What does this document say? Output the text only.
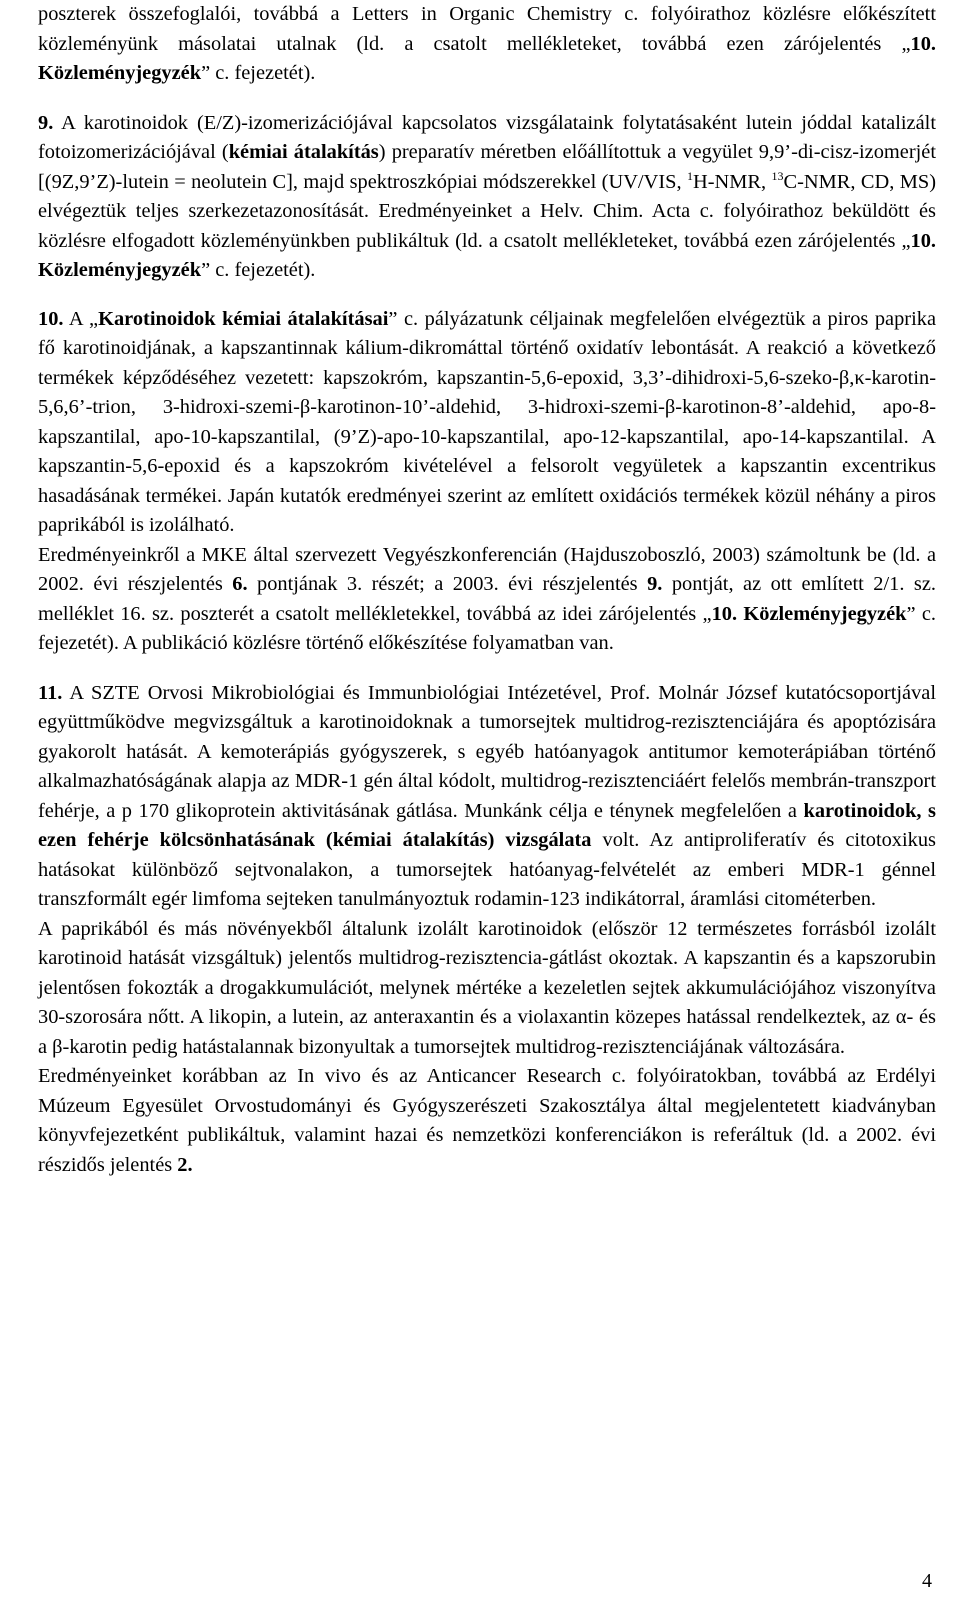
poszterek összefoglalói, továbbá a Letters in Organic Chemistry c. folyóirathoz közlésre előkészített közleményünk másolatai utalnak (ld. a csatolt mellékleteket, továbbá ezen zárójelentés „10. Közleményjegyzék” c. fejezetét).

9. A karotinoidok (E/Z)-izomerizációjával kapcsolatos vizsgálataink folytatásaként lutein jóddal katalizált fotoizomerizációjával (kémiai átalakítás) preparatív méretben előállítottuk a vegyület 9,9’-di-cisz-izomerjét [(9Z,9’Z)-lutein = neolutein C], majd spektroszkópiai módszerekkel (UV/VIS, $^1$H-NMR, $^{13}$C-NMR, CD, MS) elvégeztük teljes szerkezetazonosítását. Eredményeinket a Helv. Chim. Acta c. folyóirathoz beküldött és közlésre elfogadott közleményünkben publikáltuk (ld. a csatolt mellékleteket, továbbá ezen zárójelentés „10. Közleményjegyzék” c. fejezetét).

10. A „Karotinoidok kémiai átalakításai” c. pályázatunk céljainak megfelelően elvégeztük a piros paprika fő karotinoidjának, a kapszantinnak kálium-dikromáttal történő oxidatív lebontását. A reakció a következő termékek képződéséhez vezetett: kapszokróm, kapszantin-5,6-epoxid, 3,3’-dihidroxi-5,6-szeko-β,κ-karotin-5,6,6’-trion, 3-hidroxi-szemi-β-karotinon-10’-aldehid, 3-hidroxi-szemi-β-karotinon-8’-aldehid, apo-8-kapszantilal, apo-10-kapszantilal, (9’Z)-apo-10-kapszantilal, apo-12-kapszantilal, apo-14-kapszantilal. A kapszantin-5,6-epoxid és a kapszokróm kivételével a felsorolt vegyületek a kapszantin excentrikus hasadásának termékei. Japán kutatók eredményei szerint az említett oxidációs termékek közül néhány a piros paprikából is izolálható.

Eredményeinkről a MKE által szervezett Vegyészkonferencián (Hajduszoboszló, 2003) számoltunk be (ld. a 2002. évi részjelentés 6. pontjának 3. részét; a 2003. évi részjelentés 9. pontját, az ott említett 2/1. sz. melléklet 16. sz. poszterét a csatolt mellékletekkel, továbbá az idei zárójelentés „10. Közleményjegyzék” c. fejezetét). A publikáció közlésre történő előkészítése folyamatban van.

11. A SZTE Orvosi Mikrobiológiai és Immunbiológiai Intézetével, Prof. Molnár József kutatócsoportjával együttműködve megvizsgáltuk a karotinoidoknak a tumorsejtek multidrog-rezisztenciájára és apoptózisára gyakorolt hatását. A kemoterápiás gyógyszerek, s egyéb hatóanyagok antitumor kemoterápiában történő alkalmazhatóságának alapja az MDR-1 gén által kódolt, multidrog-rezisztenciáért felelős membrán-transzport fehérje, a p 170 glikoprotein aktivitásának gátlása. Munkánk célja e ténynek megfelelően a karotinoidok, s ezen fehérje kölcsönhatásának (kémiai átalakítás) vizsgálata volt. Az antiproliferatív és citotoxikus hatásokat különböző sejtvonalakon, a tumorsejtek hatóanyag-felvételét az emberi MDR-1 génnel transzformált egér limfoma sejteken tanulmányoztuk rodamin-123 indikátorral, áramlási citométerben.

A paprikából és más növényekből általunk izolált karotinoidok (először 12 természetes forrásból izolált karotinoid hatását vizsgáltuk) jelentős multidrog-rezisztencia-gátlást okoztak. A kapszantin és a kapszorubin jelentősen fokozták a drogakkumulációt, melynek mértéke a kezeletlen sejtek akkumulációjához viszonyítva 30-szorosára nőtt. A likopin, a lutein, az anteraxantin és a violaxantin közepes hatással rendelkeztek, az α- és a β-karotin pedig hatástalannak bizonyultak a tumorsejtek multidrog-rezisztenciájának változására.

Eredményeinket korábban az In vivo és az Anticancer Research c. folyóiratokban, továbbá az Erdélyi Múzeum Egyesület Orvostudományi és Gyógyszerészeti Szakosztálya által megjelentetett kiadványban könyvfejezetként publikáltuk, valamint hazai és nemzetközi konferenciákon is referáltuk (ld. a 2002. évi részidős jelentés 2.

4
